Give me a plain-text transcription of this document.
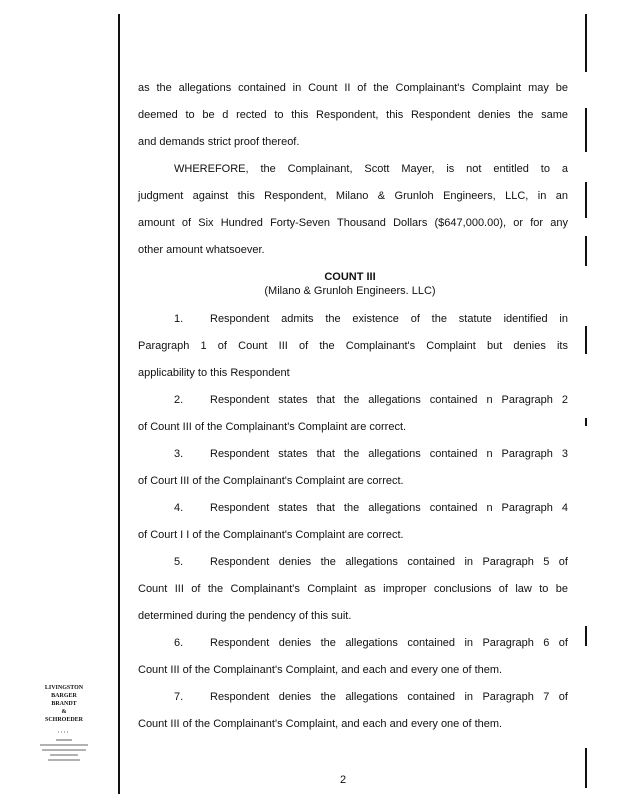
as the allegations contained in Count II of the Complainant's Complaint may be
deemed to be d rected to this Respondent, this Respondent denies the same
and demands strict proof thereof.
WHEREFORE, the Complainant, Scott Mayer, is not entitled to a
judgment against this Respondent, Milano & Grunloh Engineers, LLC, in an
amount of Six Hundred Forty-Seven Thousand Dollars ($647,000.00), or for any
other amount whatsoever.
COUNT III
(Milano & Grunloh Engineers. LLC)
1. Respondent admits the existence of the statute identified in
Paragraph 1 of Count III of the Complainant's Complaint but denies its
applicability to this Respondent
2. Respondent states that the allegations contained n Paragraph 2
of Count III of the Complainant's Complaint are correct.
3. Respondent states that the allegations contained n Paragraph 3
of Court III of the Complainant's Complaint are correct.
4. Respondent states that the allegations contained n Paragraph 4
of Court I I of the Complainant's Complaint are correct.
5. Respondent denies the allegations contained in Paragraph 5 of
Count III of the Complainant's Complaint as improper conclusions of law to be
determined during the pendency of this suit.
6. Respondent denies the allegations contained in Paragraph 6 of
Count III of the Complainant's Complaint, and each and every one of them.
7. Respondent denies the allegations contained in Paragraph 7 of
Count III of the Complainant's Complaint, and each and every one of them.
LIVINGSTON
BARGER
BRANDT
&
SCHROEDER
2
